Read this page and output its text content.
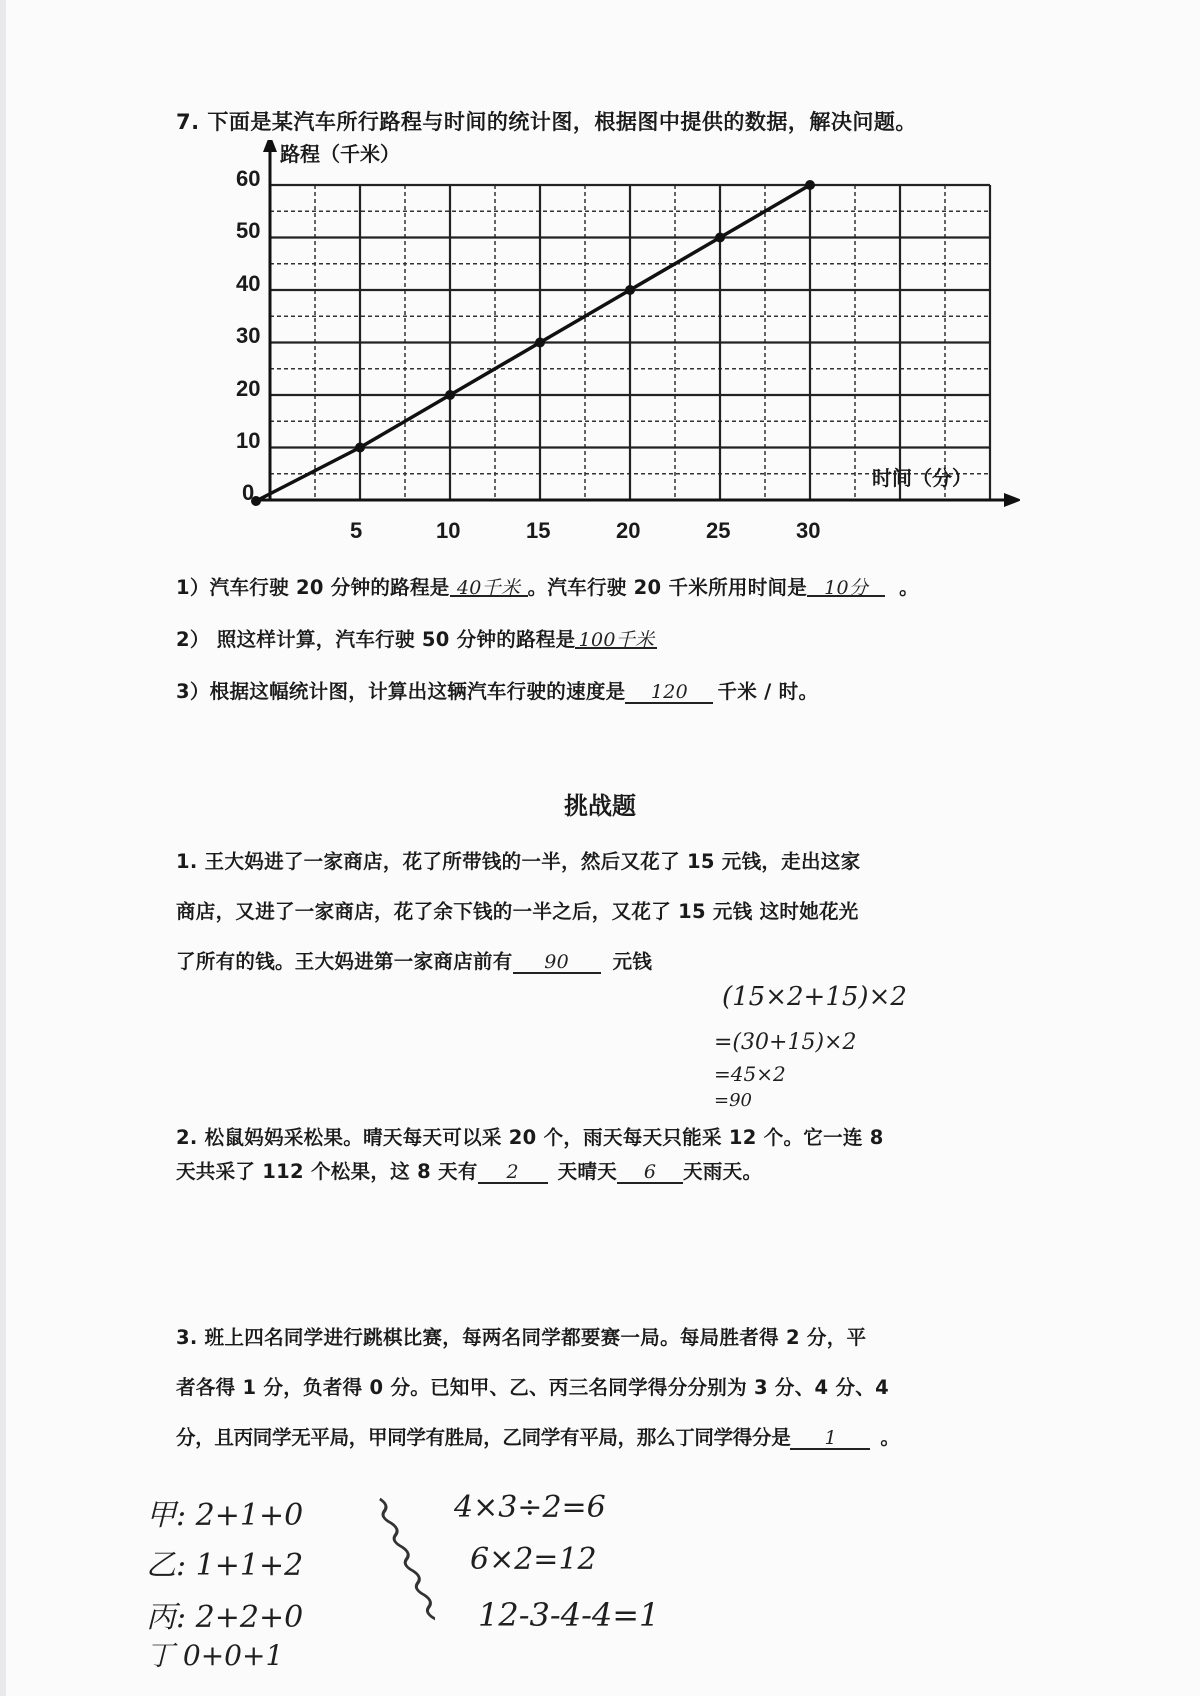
7. 下面是某汽车所行路程与时间的统计图，根据图中提供的数据，解决问题。
路程（千米）
时间（分）
60
50
40
30
20
10
0
5	10	15	20	25	30
1）汽车行驶 20 分钟的路程是 40千米 。汽车行驶 20 千米所用时间是 10分 。
2） 照这样计算，汽车行驶 50 分钟的路程是 100千米
3）根据这幅统计图，计算出这辆汽车行驶的速度是 120 千米 / 时。
挑战题
1. 王大妈进了一家商店，花了所带钱的一半，然后又花了 15 元钱，走出这家
商店，又进了一家商店，花了余下钱的一半之后，又花了 15 元钱 这时她花光
了所有的钱。王大妈进第一家商店前有 90 元钱
(15×2+15)×2
=(30+15)×2
=45×2
=90
2. 松鼠妈妈采松果。晴天每天可以采 20 个，雨天每天只能采 12 个。它一连 8
天共采了 112 个松果，这 8 天有 2 天晴天 6 天雨天。
3. 班上四名同学进行跳棋比赛，每两名同学都要赛一局。每局胜者得 2 分，平
者各得 1 分，负者得 0 分。已知甲、乙、丙三名同学得分分别为 3 分、4 分、4
分，且丙同学无平局，甲同学有胜局，乙同学有平局，那么丁同学得分是 1 。
甲: 2+1+0
乙: 1+1+2
丙: 2+2+0
丁 0+0+1
4×3÷2=6
6×2=12
12-3-4-4=1
